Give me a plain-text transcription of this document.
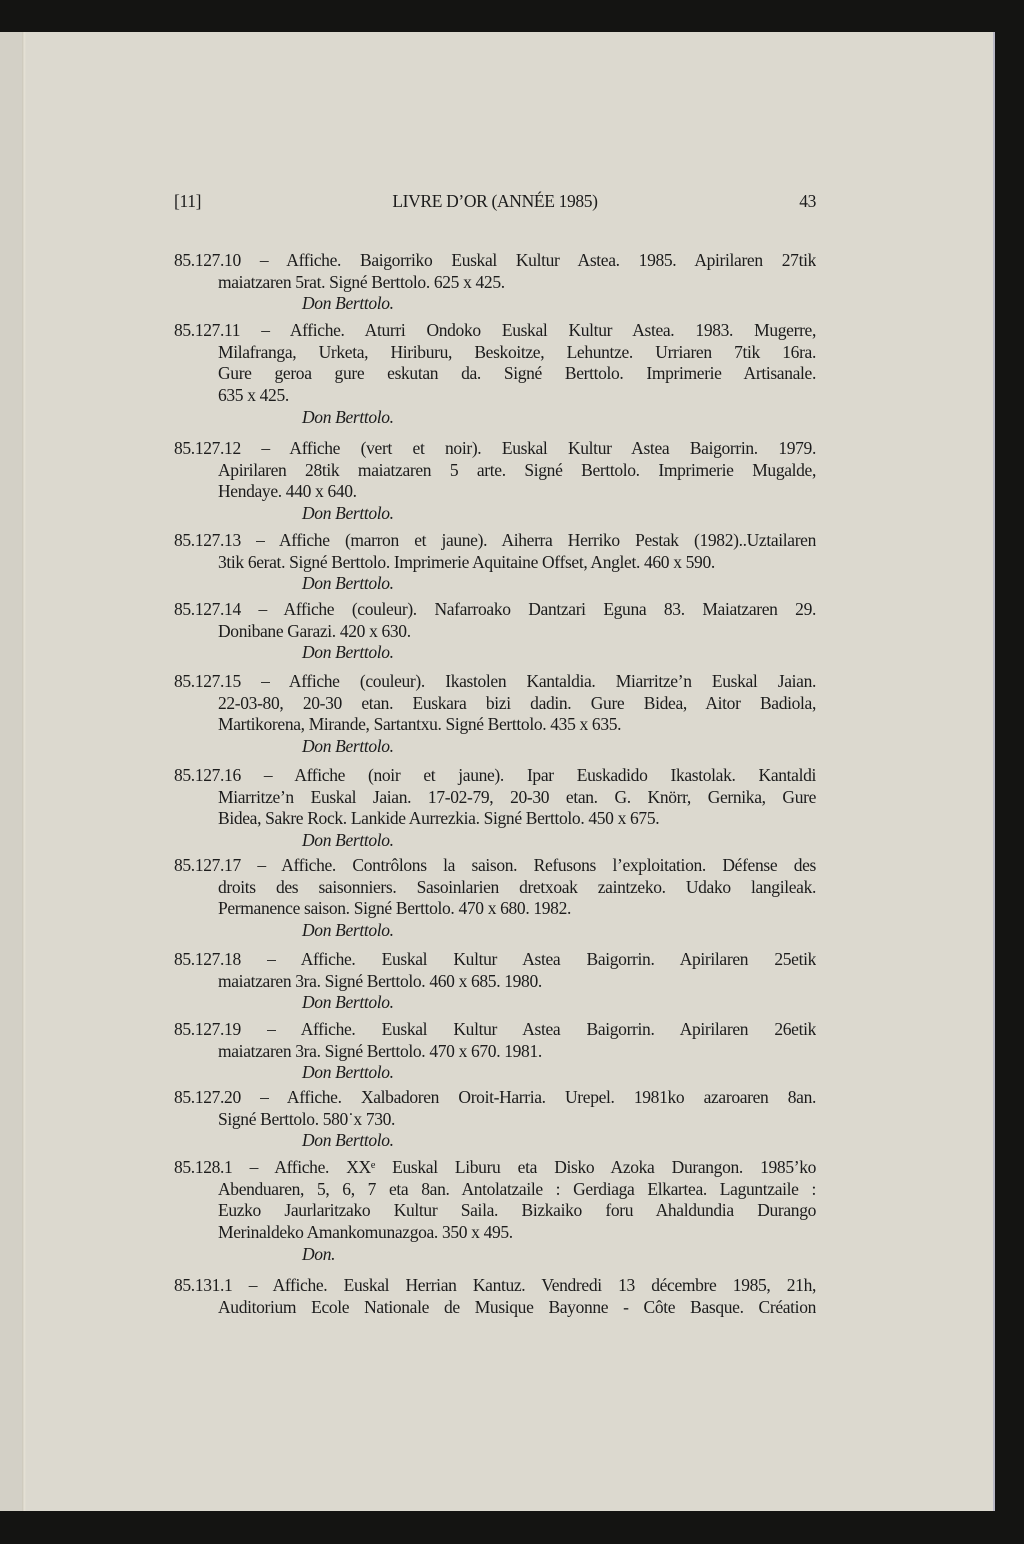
[11]	LIVRE D’OR (ANNÉE 1985)	43
85.127.10 – Affiche. Baigorriko Euskal Kultur Astea. 1985. Apirilaren 27tik
maiatzaren 5rat. Signé Berttolo. 625 x 425.
Don Berttolo.
85.127.11 – Affiche. Aturri Ondoko Euskal Kultur Astea. 1983. Mugerre,
Milafranga, Urketa, Hiriburu, Beskoitze, Lehuntze. Urriaren 7tik 16ra.
Gure geroa gure eskutan da. Signé Berttolo. Imprimerie Artisanale.
635 x 425.
Don Berttolo.
85.127.12 – Affiche (vert et noir). Euskal Kultur Astea Baigorrin. 1979.
Apirilaren 28tik maiatzaren 5 arte. Signé Berttolo. Imprimerie Mugalde,
Hendaye. 440 x 640.
Don Berttolo.
85.127.13 – Affiche (marron et jaune). Aiherra Herriko Pestak (1982)..Uztailaren
3tik 6erat. Signé Berttolo. Imprimerie Aquitaine Offset, Anglet. 460 x 590.
Don Berttolo.
85.127.14 – Affiche (couleur). Nafarroako Dantzari Eguna 83. Maiatzaren 29.
Donibane Garazi. 420 x 630.
Don Berttolo.
85.127.15 – Affiche (couleur). Ikastolen Kantaldia. Miarritze’n Euskal Jaian.
22-03-80, 20-30 etan. Euskara bizi dadin. Gure Bidea, Aitor Badiola,
Martikorena, Mirande, Sartantxu. Signé Berttolo. 435 x 635.
Don Berttolo.
85.127.16 – Affiche (noir et jaune). Ipar Euskadido Ikastolak. Kantaldi
Miarritze’n Euskal Jaian. 17-02-79, 20-30 etan. G. Knörr, Gernika, Gure
Bidea, Sakre Rock. Lankide Aurrezkia. Signé Berttolo. 450 x 675.
Don Berttolo.
85.127.17 – Affiche. Contrôlons la saison. Refusons l’exploitation. Défense des
droits des saisonniers. Sasoinlarien dretxoak zaintzeko. Udako langileak.
Permanence saison. Signé Berttolo. 470 x 680. 1982.
Don Berttolo.
85.127.18 – Affiche. Euskal Kultur Astea Baigorrin. Apirilaren 25etik
maiatzaren 3ra. Signé Berttolo. 460 x 685. 1980.
Don Berttolo.
85.127.19 – Affiche. Euskal Kultur Astea Baigorrin. Apirilaren 26etik
maiatzaren 3ra. Signé Berttolo. 470 x 670. 1981.
Don Berttolo.
85.127.20 – Affiche. Xalbadoren Oroit-Harria. Urepel. 1981ko azaroaren 8an.
Signé Berttolo. 580˙x 730.
Don Berttolo.
85.128.1 – Affiche. XXᵉ Euskal Liburu eta Disko Azoka Durangon. 1985’ko
Abenduaren, 5, 6, 7 eta 8an. Antolatzaile : Gerdiaga Elkartea. Laguntzaile :
Euzko Jaurlaritzako Kultur Saila. Bizkaiko foru Ahaldundia Durango
Merinaldeko Amankomunazgoa. 350 x 495.
Don.
85.131.1 – Affiche. Euskal Herrian Kantuz. Vendredi 13 décembre 1985, 21h,
Auditorium Ecole Nationale de Musique Bayonne - Côte Basque. Création
